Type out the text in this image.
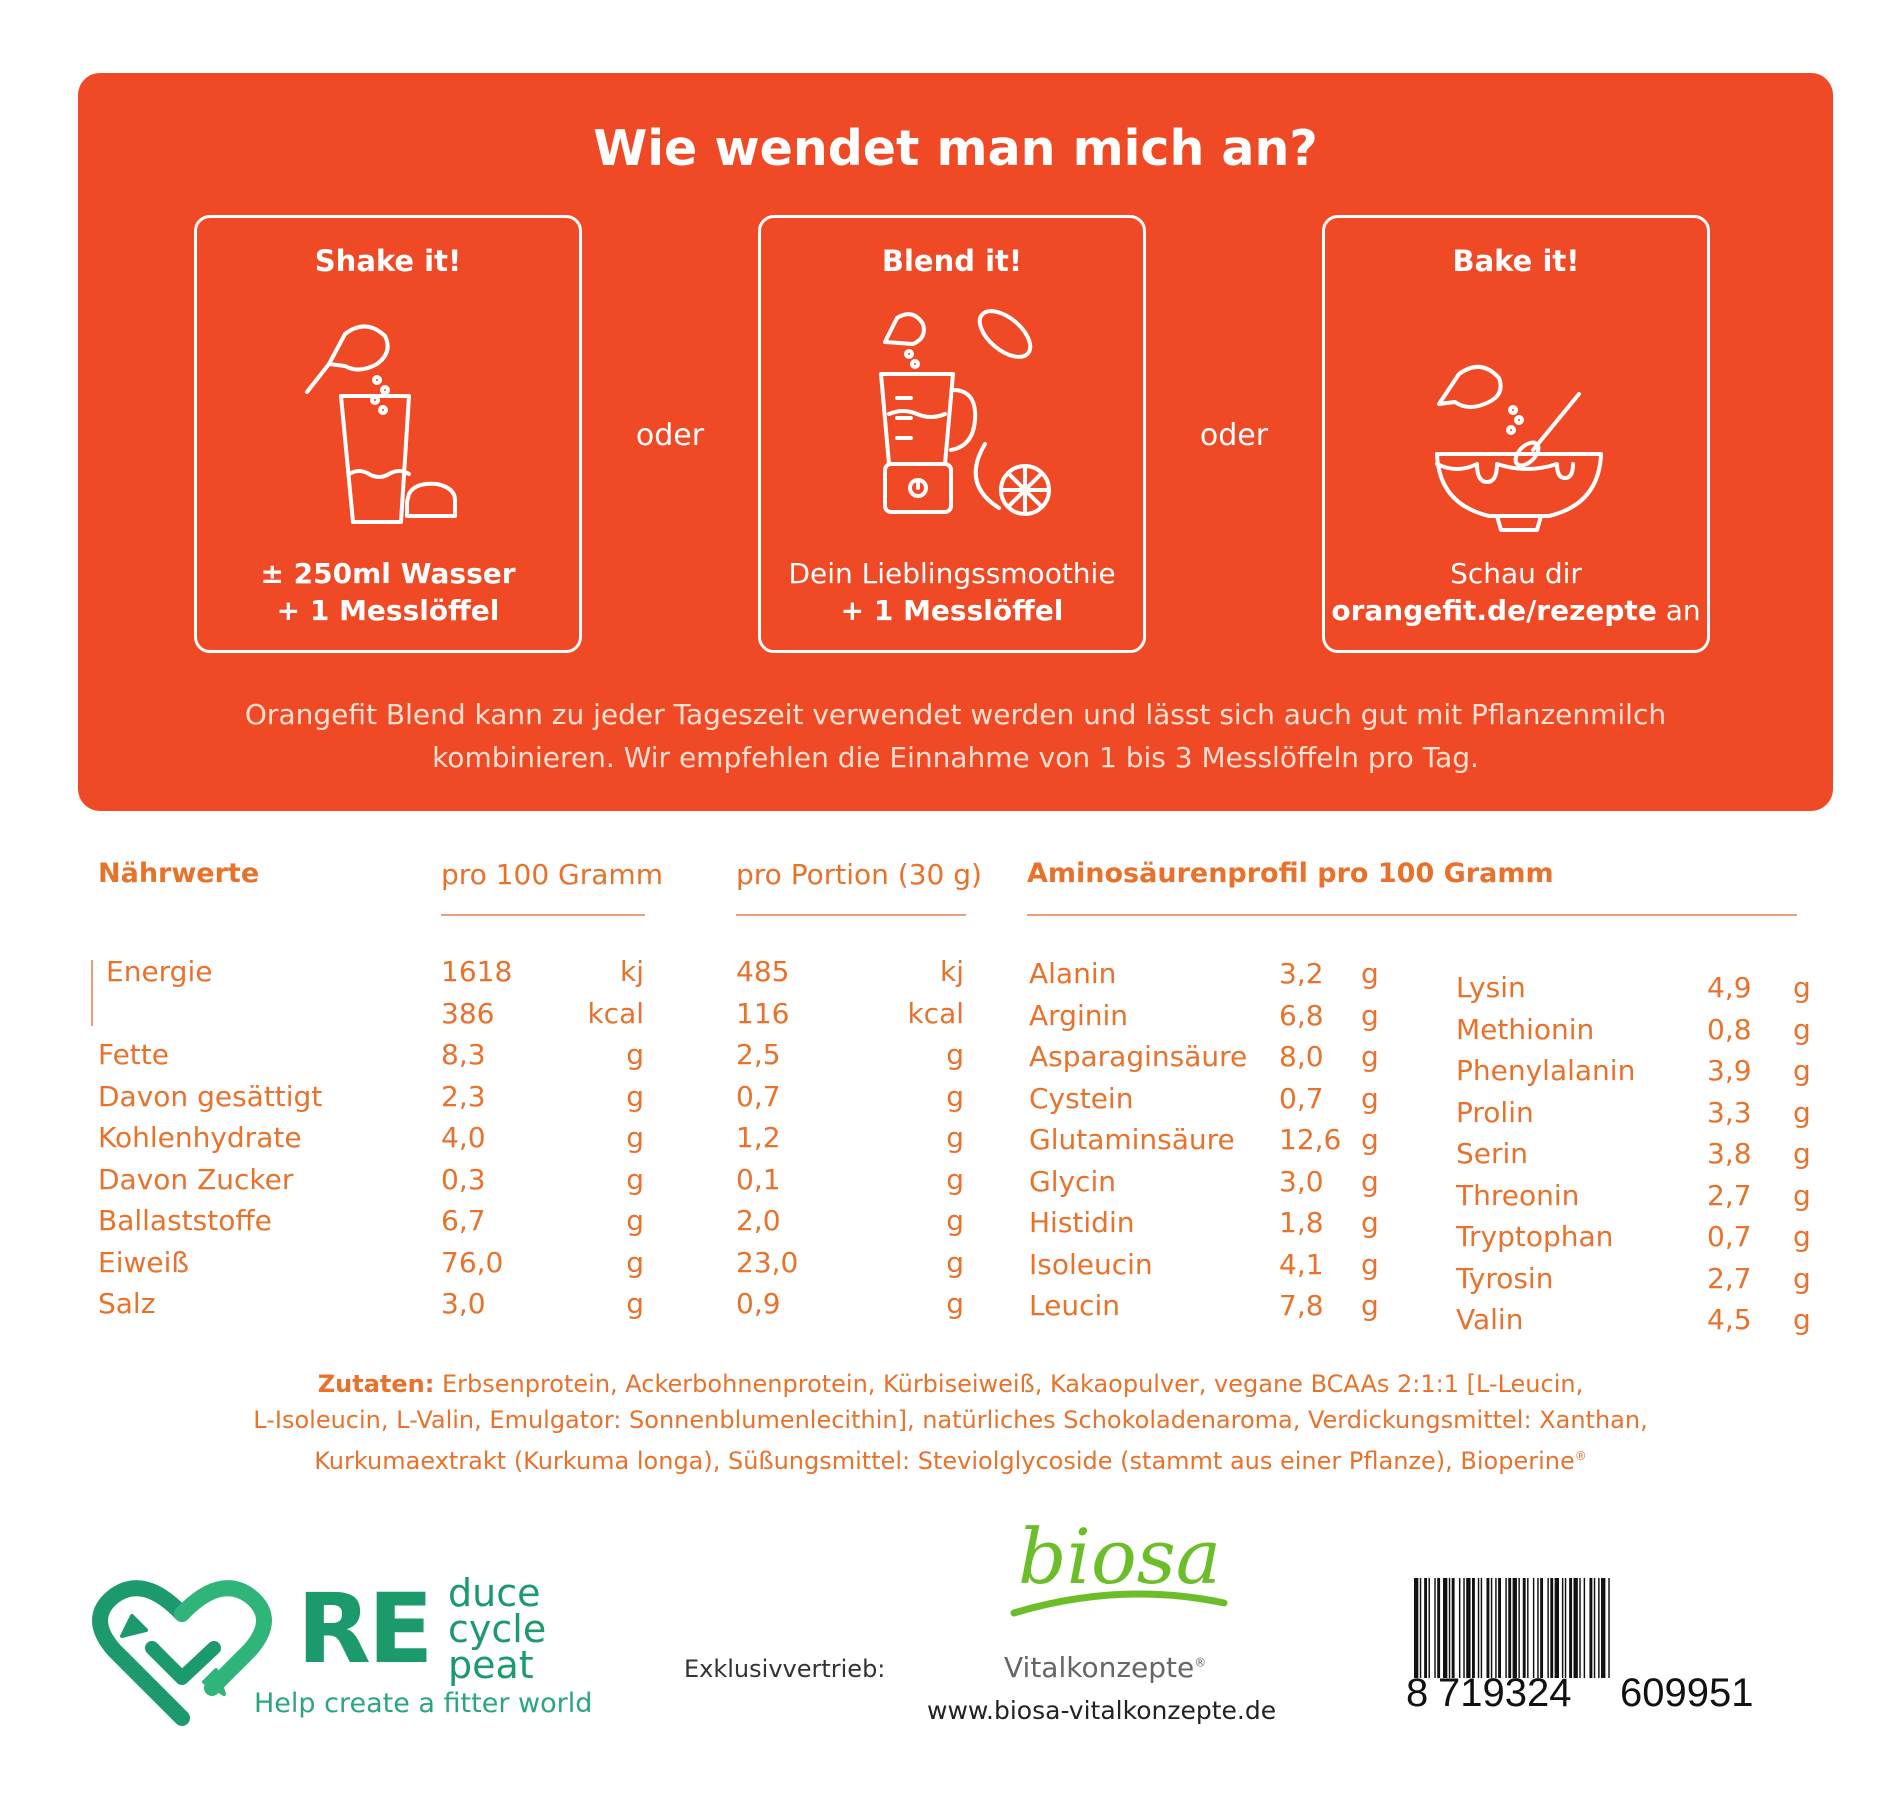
Wie wendet man mich an?
Shake it!
± 250ml Wasser
+ 1 Messlöffel
oder
Blend it!
Dein Lieblingssmoothie
+ 1 Messlöffel
oder
Bake it!
Schau dir
orangefit.de/rezepte an
Orangefit Blend kann zu jeder Tageszeit verwendet werden und lässt sich auch gut mit Pflanzenmilch
kombinieren. Wir empfehlen die Einnahme von 1 bis 3 Messlöffeln pro Tag.
Nährwerte	pro 100 Gramm	pro Portion (30 g) Aminosäurenprofil pro 100 Gramm
Energie	1618	kj	485	kj
386	kcal	116	kcal
Fette	8,3	g	2,5	g
Davon gesättigt	2,3	g	0,7	g
Kohlenhydrate	4,0	g	1,2	g
Davon Zucker	0,3	g	0,1	g
Ballaststoffe	6,7	g	2,0	g
Eiweiß	76,0	g	23,0	g
Salz	3,0	g	0,9	g
Alanin	3,2 g
Arginin	6,8 g
Asparaginsäure 8,0 g
Cystein	0,7 g
Glutaminsäure 12,6 g
Glycin	3,0 g
Histidin	1,8 g
Isoleucin	4,1 g
Leucin	7,8 g
Lysin	4,9 g
Methionin	0,8 g
Phenylalanin	3,9 g
Prolin	3,3 g
Serin	3,8 g
Threonin	2,7 g
Tryptophan	0,7 g
Tyrosin	2,7 g
Valin	4,5 g
Zutaten: Erbsenprotein, Ackerbohnenprotein, Kürbiseiweiß, Kakaopulver, vegane BCAAs 2:1:1 [L-Leucin,
L-Isoleucin, L-Valin, Emulgator: Sonnenblumenlecithin], natürliches Schokoladenaroma, Verdickungsmittel: Xanthan,
Kurkumaextrakt (Kurkuma longa), Süßungsmittel: Steviolglycoside (stammt aus einer Pflanze), Bioperine®
RE duce
cycle
peat
Help create a fitter world
Exklusivvertrieb:
biosa
Vitalkonzepte®
www.biosa-vitalkonzepte.de	8 719324 609951
